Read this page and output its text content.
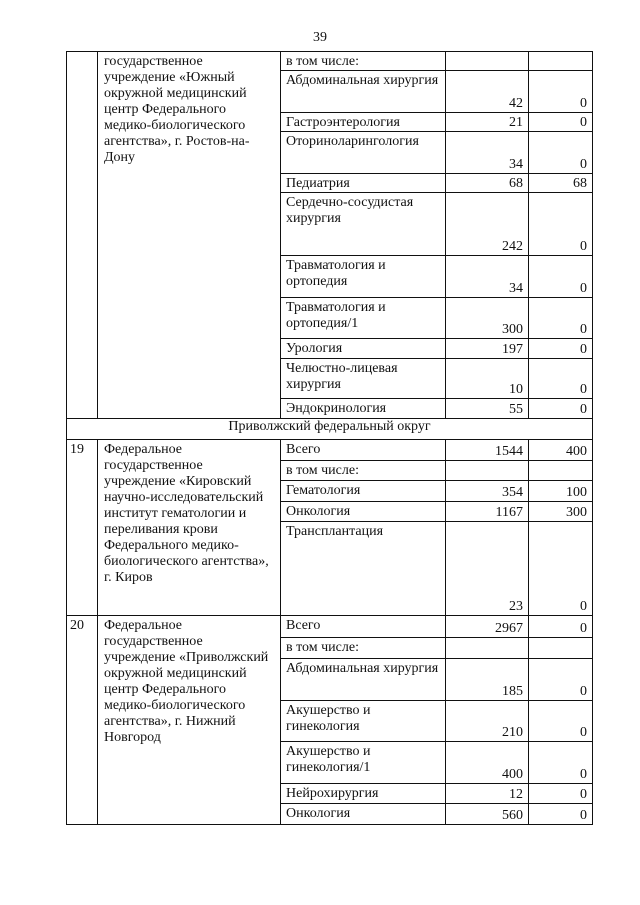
39
	государственное учреждение «Южный окружной медицинский центр Федерального медико-биологического агентства», г. Ростов-на-Дону	в том числе:		
		Абдоминальная хирургия	42	0
		Гастроэнтерология	21	0
		Оториноларингология	34	0
		Педиатрия	68	68
		Сердечно-сосудистая хирургия	242	0
		Травматология и ортопедия	34	0
		Травматология и ортопедия/1	300	0
		Урология	197	0
		Челюстно-лицевая хирургия	10	0
		Эндокринология	55	0
Приволжский федеральный округ				
19	Федеральное государственное учреждение «Кировский научно-исследовательский институт гематологии и переливания крови Федерального медико-биологического агентства», г. Киров	Всего	1544	400
		в том числе:		
		Гематология	354	100
		Онкология	1167	300
		Трансплантация	23	0
20	Федеральное государственное учреждение «Приволжский окружной медицинский центр Федерального медико-биологического агентства», г. Нижний Новгород	Всего	2967	0
		в том числе:		
		Абдоминальная хирургия	185	0
		Акушерство и гинекология	210	0
		Акушерство и гинекология/1	400	0
		Нейрохирургия	12	0
		Онкология	560	0
